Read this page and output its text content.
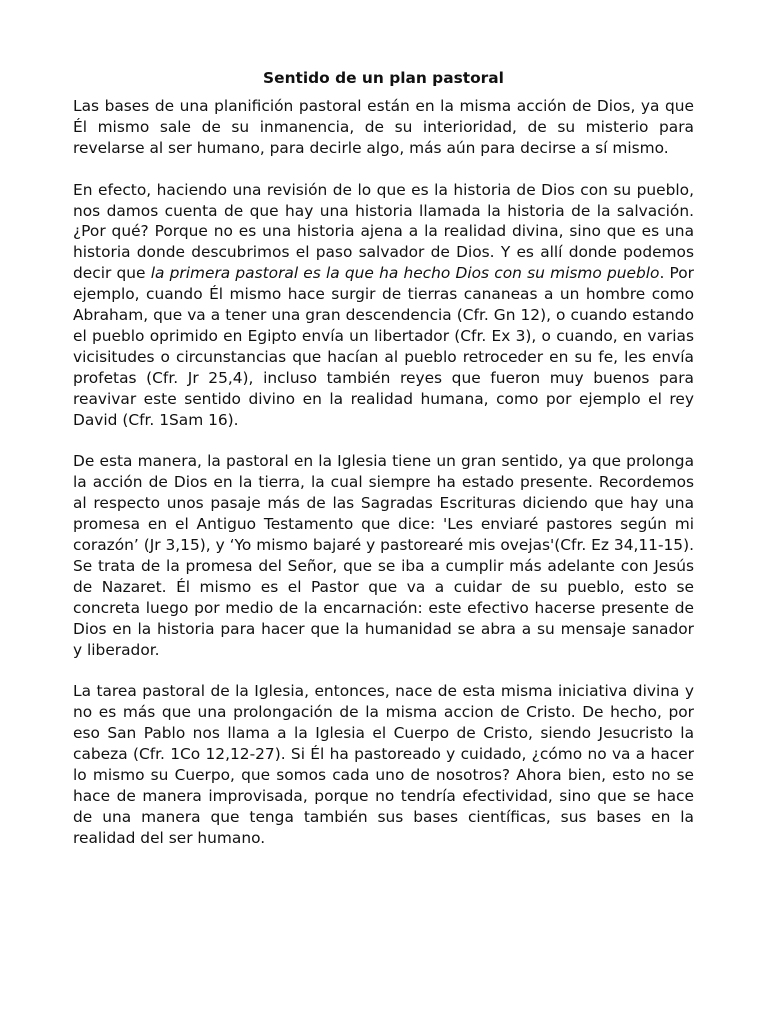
Sentido de un plan pastoral

Las bases de una planifición pastoral están en la misma acción de Dios, ya que Él mismo sale de su inmanencia, de su interioridad, de su misterio para revelarse al ser humano, para decirle algo, más aún para decirse a sí mismo.

En efecto, haciendo una revisión de lo que es la historia de Dios con su pueblo, nos damos cuenta de que hay una historia llamada la historia de la salvación. ¿Por qué? Porque no es una historia ajena a la realidad divina, sino que es una historia donde descubrimos el paso salvador de Dios. Y es allí donde podemos decir que la primera pastoral es la que ha hecho Dios con su mismo pueblo. Por ejemplo, cuando Él mismo hace surgir de tierras cananeas a un hombre como Abraham, que va a tener una gran descendencia (Cfr. Gn 12), o cuando estando el pueblo oprimido en Egipto envía un libertador (Cfr. Ex 3), o cuando, en varias vicisitudes o circunstancias que hacían al pueblo retroceder en su fe, les envía profetas (Cfr. Jr 25,4), incluso también reyes que fueron muy buenos para reavivar este sentido divino en la realidad humana, como por ejemplo el rey David (Cfr. 1Sam 16).

De esta manera, la pastoral en la Iglesia tiene un gran sentido, ya que prolonga la acción de Dios en la tierra, la cual siempre ha estado presente. Recordemos al respecto unos pasaje más de las Sagradas Escrituras diciendo que hay una promesa en el Antiguo Testamento que dice: 'Les enviaré pastores según mi corazón’ (Jr 3,15), y ‘Yo mismo bajaré y pastorearé mis ovejas'(Cfr. Ez 34,11-15). Se trata de la promesa del Señor, que se iba a cumplir más adelante con Jesús de Nazaret. Él mismo es el Pastor que va a cuidar de su pueblo, esto se concreta luego por medio de la encarnación: este efectivo hacerse presente de Dios en la historia para hacer que la humanidad se abra a su mensaje sanador y liberador.

La tarea pastoral de la Iglesia, entonces, nace de esta misma iniciativa divina y no es más que una prolongación de la misma accion de Cristo. De hecho, por eso San Pablo nos llama a la Iglesia el Cuerpo de Cristo, siendo Jesucristo la cabeza (Cfr. 1Co 12,12-27). Si Él ha pastoreado y cuidado, ¿cómo no va a hacer lo mismo su Cuerpo, que somos cada uno de nosotros? Ahora bien, esto no se hace de manera improvisada, porque no tendría efectividad, sino que se hace de una manera que tenga también sus bases científicas, sus bases en la realidad del ser humano.
